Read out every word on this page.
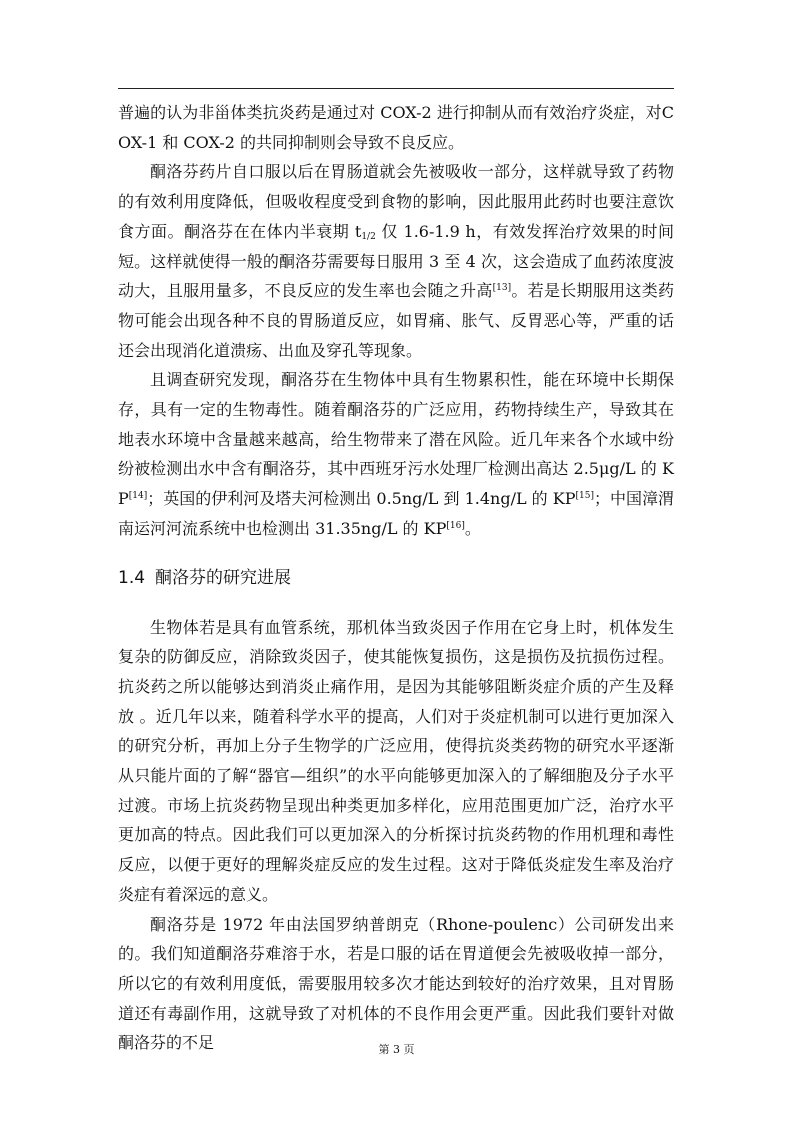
普遍的认为非甾体类抗炎药是通过对 COX-2 进行抑制从而有效治疗炎症，对COX-1 和 COX-2 的共同抑制则会导致不良反应。

酮洛芬药片自口服以后在胃肠道就会先被吸收一部分，这样就导致了药物的有效利用度降低，但吸收程度受到食物的影响，因此服用此药时也要注意饮食方面。酮洛芬在在体内半衰期 $t_{1/2}$ 仅 1.6-1.9 h，有效发挥治疗效果的时间短。这样就使得一般的酮洛芬需要每日服用 3 至 4 次，这会造成了血药浓度波动大，且服用量多，不良反应的发生率也会随之升高[13]。若是长期服用这类药物可能会出现各种不良的胃肠道反应，如胃痛、胀气、反胃恶心等，严重的话还会出现消化道溃疡、出血及穿孔等现象。

且调查研究发现，酮洛芬在生物体中具有生物累积性，能在环境中长期保存，具有一定的生物毒性。随着酮洛芬的广泛应用，药物持续生产，导致其在地表水环境中含量越来越高，给生物带来了潜在风险。近几年来各个水域中纷纷被检测出水中含有酮洛芬，其中西班牙污水处理厂检测出高达 2.5μg/L 的 KP[14]；英国的伊利河及塔夫河检测出 0.5ng/L 到 1.4ng/L 的 KP[15]；中国漳渭南运河河流系统中也检测出 31.35ng/L 的 KP[16]。

1.4 酮洛芬的研究进展

生物体若是具有血管系统，那机体当致炎因子作用在它身上时，机体发生复杂的防御反应，消除致炎因子，使其能恢复损伤，这是损伤及抗损伤过程。抗炎药之所以能够达到消炎止痛作用，是因为其能够阻断炎症介质的产生及释放 。近几年以来，随着科学水平的提高，人们对于炎症机制可以进行更加深入的研究分析，再加上分子生物学的广泛应用，使得抗炎类药物的研究水平逐渐从只能片面的了解“器官—组织”的水平向能够更加深入的了解细胞及分子水平过渡。市场上抗炎药物呈现出种类更加多样化，应用范围更加广泛，治疗水平更加高的特点。因此我们可以更加深入的分析探讨抗炎药物的作用机理和毒性反应，以便于更好的理解炎症反应的发生过程。这对于降低炎症发生率及治疗炎症有着深远的意义。

酮洛芬是 1972 年由法国罗纳普朗克（Rhone-poulenc）公司研发出来的。我们知道酮洛芬难溶于水，若是口服的话在胃道便会先被吸收掉一部分，所以它的有效利用度低，需要服用较多次才能达到较好的治疗效果，且对胃肠道还有毒副作用，这就导致了对机体的不良作用会更严重。因此我们要针对做酮洛芬的不足	第 3 页
